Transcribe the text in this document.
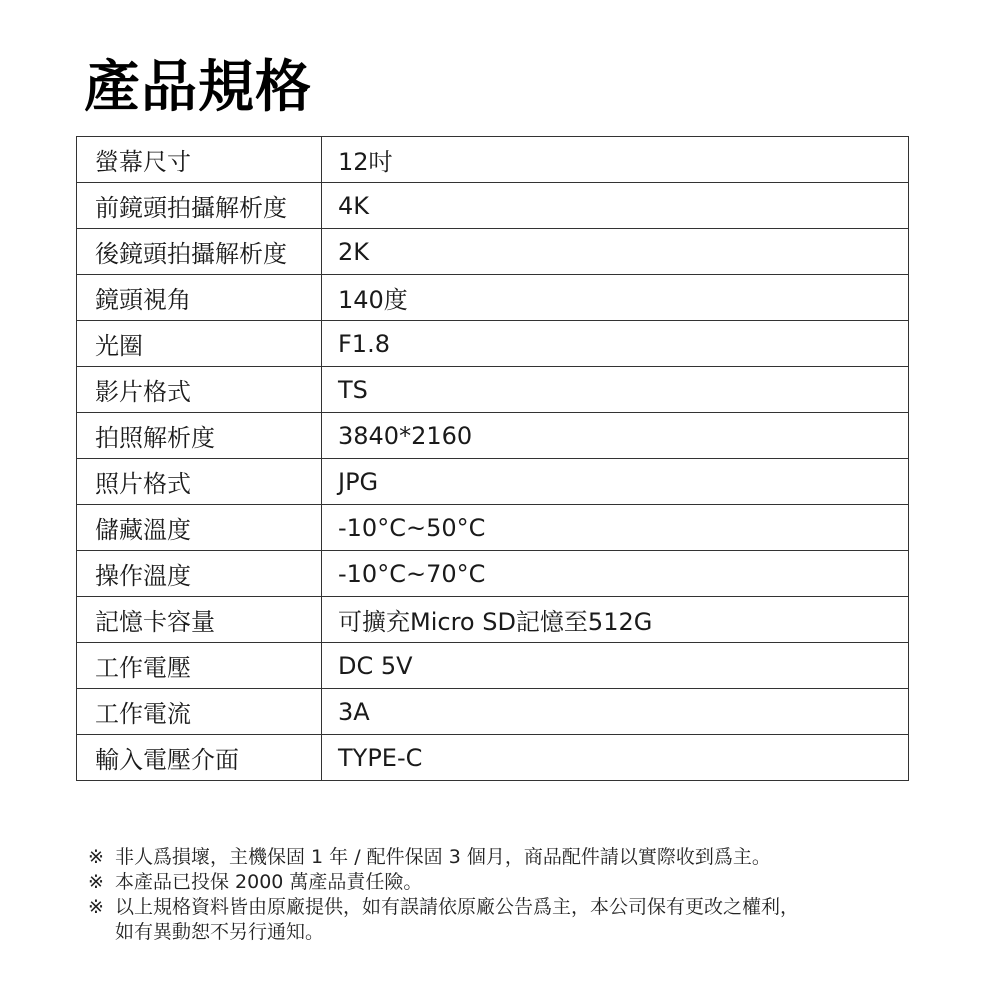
產品規格
螢幕尺寸	12吋
前鏡頭拍攝解析度	4K
後鏡頭拍攝解析度	2K
鏡頭視角	140度
光圈	F1.8
影片格式	TS
拍照解析度	3840*2160
照片格式	JPG
儲藏溫度	-10°C~50°C
操作溫度	-10°C~70°C
記憶卡容量	可擴充Micro SD記憶至512G
工作電壓	DC 5V
工作電流	3A
輸入電壓介面	TYPE-C
※ 非人爲損壞，主機保固 1 年 / 配件保固 3 個月，商品配件請以實際收到爲主。
※ 本產品已投保 2000 萬產品責任險。
※ 以上規格資料皆由原廠提供，如有誤請依原廠公告爲主，本公司保有更改之權利，
如有異動恕不另行通知。
